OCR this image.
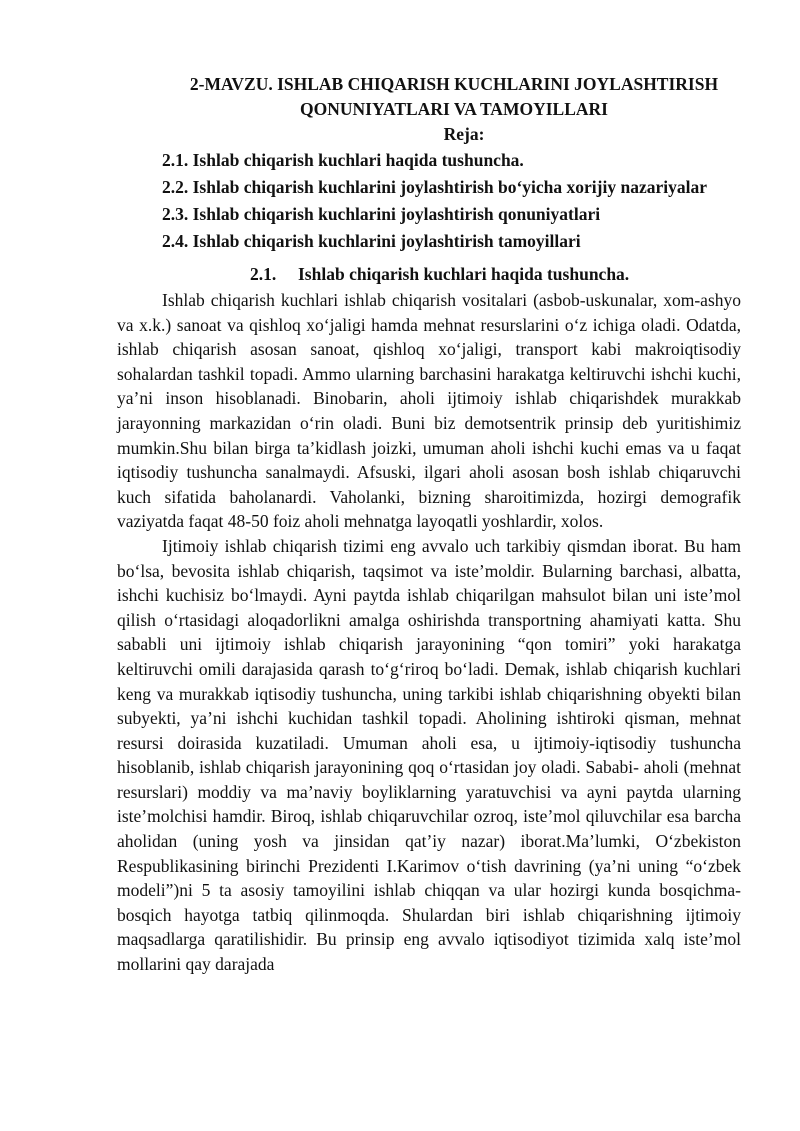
2-MAVZU. ISHLAB CHIQARISH KUCHLARINI JOYLASHTIRISH
QONUNIYATLARI VA TAMOYILLARI

Reja:

2.1. Ishlab chiqarish kuchlari haqida tushuncha.
2.2. Ishlab chiqarish kuchlarini joylashtirish bo‘yicha xorijiy nazariyalar
2.3. Ishlab chiqarish kuchlarini joylashtirish qonuniyatlari
2.4. Ishlab chiqarish kuchlarini joylashtirish tamoyillari
2.1. Ishlab chiqarish kuchlari haqida tushuncha.

Ishlab chiqarish kuchlari ishlab chiqarish vositalari (asbob-uskunalar, xom-ashyo va x.k.) sanoat va qishloq xo‘jaligi hamda mehnat resurslarini o‘z ichiga oladi. Odatda, ishlab chiqarish asosan sanoat, qishloq xo‘jaligi, transport kabi makroiqtisodiy sohalardan tashkil topadi. Ammo ularning barchasini harakatga keltiruvchi ishchi kuchi, ya’ni inson hisoblanadi. Binobarin, aholi ijtimoiy ishlab chiqarishdek murakkab jarayonning markazidan o‘rin oladi. Buni biz demotsentrik prinsip deb yuritishimiz mumkin.Shu bilan birga ta’kidlash joizki, umuman aholi ishchi kuchi emas va u faqat iqtisodiy tushuncha sanalmaydi. Afsuski, ilgari aholi asosan bosh ishlab chiqaruvchi kuch sifatida baholanardi. Vaholanki, bizning sharoitimizda, hozirgi demografik vaziyatda faqat 48-50 foiz aholi mehnatga layoqatli yoshlardir, xolos.

Ijtimoiy ishlab chiqarish tizimi eng avvalo uch tarkibiy qismdan iborat. Bu ham bo‘lsa, bevosita ishlab chiqarish, taqsimot va iste’moldir. Bularning barchasi, albatta, ishchi kuchisiz bo‘lmaydi. Ayni paytda ishlab chiqarilgan mahsulot bilan uni iste’mol qilish o‘rtasidagi aloqadorlikni amalga oshirishda transportning ahamiyati katta. Shu sababli uni ijtimoiy ishlab chiqarish jarayonining “qon tomiri” yoki harakatga keltiruvchi omili darajasida qarash to‘g‘riroq bo‘ladi. Demak, ishlab chiqarish kuchlari keng va murakkab iqtisodiy tushuncha, uning tarkibi ishlab chiqarishning obyekti bilan subyekti, ya’ni ishchi kuchidan tashkil topadi. Aholining ishtiroki qisman, mehnat resursi doirasida kuzatiladi. Umuman aholi esa, u ijtimoiy-iqtisodiy tushuncha hisoblanib, ishlab chiqarish jarayonining qoq o‘rtasidan joy oladi. Sababi- aholi (mehnat resurslari) moddiy va ma’naviy boyliklarning yaratuvchisi va ayni paytda ularning iste’molchisi hamdir. Biroq, ishlab chiqaruvchilar ozroq, iste’mol qiluvchilar esa barcha aholidan (uning yosh va jinsidan qat’iy nazar) iborat.Ma’lumki, O‘zbekiston Respublikasining birinchi Prezidenti I.Karimov o‘tish davrining (ya’ni uning “o‘zbek modeli”)ni 5 ta asosiy tamoyilini ishlab chiqqan va ular hozirgi kunda bosqichma-bosqich hayotga tatbiq qilinmoqda. Shulardan biri ishlab chiqarishning ijtimoiy maqsadlarga qaratilishidir. Bu prinsip eng avvalo iqtisodiyot tizimida xalq iste’mol mollarini qay darajada
